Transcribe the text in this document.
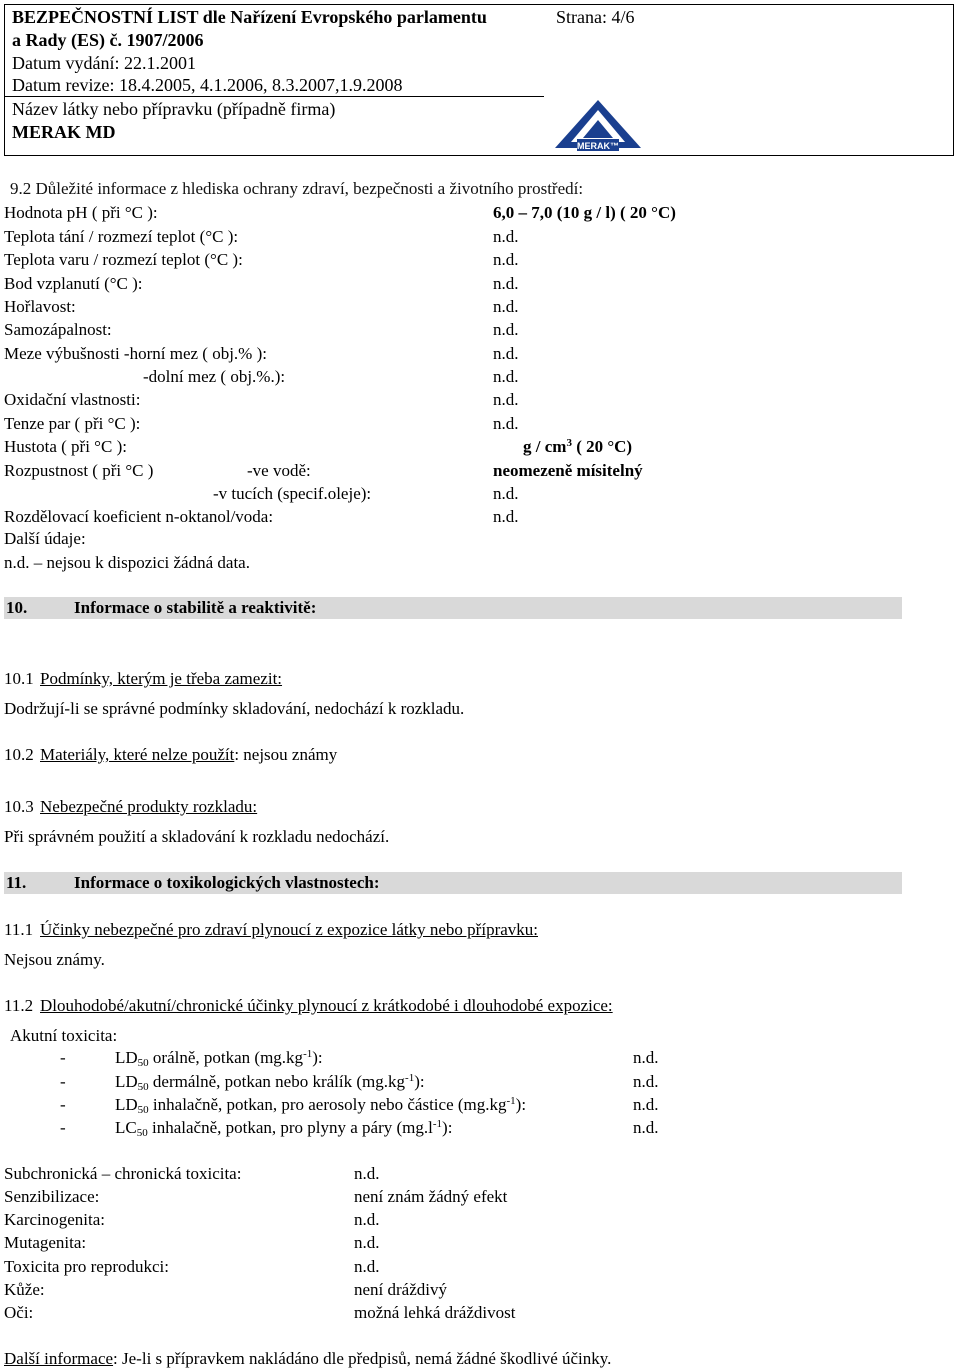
BEZPEČNOSTNÍ LIST dle Nařízení Evropského parlamentu	Strana: 4/6
a Rady (ES) č. 1907/2006
Datum vydání: 22.1.2001
Datum revize: 18.4.2005, 4.1.2006, 8.3.2007,1.9.2008
Název látky nebo přípravku (případně firma)
MERAK MD
MERAK™
9.2 Důležité informace z hlediska ochrany zdraví, bezpečnosti a životního prostředí:
Hodnota pH ( při °C ):	6,0 – 7,0 (10 g / l) ( 20 °C)
Teplota tání / rozmezí teplot (°C ):	n.d.
Teplota varu / rozmezí teplot (°C ):	n.d.
Bod vzplanutí (°C ):	n.d.
Hořlavost:	n.d.
Samozápalnost:	n.d.
Meze výbušnosti -horní mez ( obj.% ):	n.d.
-dolní mez ( obj.%.):	n.d.
Oxidační vlastnosti:	n.d.
Tenze par ( při °C ):	n.d.
Hustota ( při °C ):	g / $cm^3$ ( 20 °C)
Rozpustnost ( při °C )	-ve vodě:	neomezeně mísitelný
-v tucích (specif.oleje):	n.d.
Rozdělovací koeficient n-oktanol/voda:	n.d.
Další údaje:
n.d. – nejsou k dispozici žádná data.
10.	Informace o stabilitě a reaktivitě:
10.1 Podmínky, kterým je třeba zamezit:
Dodržují-li se správné podmínky skladování, nedochází k rozkladu.
10.2 Materiály, které nelze použít: nejsou známy
10.3 Nebezpečné produkty rozkladu:
Při správném použití a skladování k rozkladu nedochází.
11.	Informace o toxikologických vlastnostech:
11.1 Účinky nebezpečné pro zdraví plynoucí z expozice látky nebo přípravku:
Nejsou známy.
11.2 Dlouhodobé/akutní/chronické účinky plynoucí z krátkodobé i dlouhodobé expozice:
Akutní toxicita:
-	$LD_{50}$ orálně, potkan $(mg.kg^{-1})$:	n.d.
-	$LD_{50}$ dermálně, potkan nebo králík $(mg.kg^{-1})$:	n.d.
-	$LD_{50}$ inhalačně, potkan, pro aerosoly nebo částice $(mg.kg^{-1})$:	n.d.
-	$LC_{50}$ inhalačně, potkan, pro plyny a páry $(mg.l^{-1})$:	n.d.
Subchronická – chronická toxicita:	n.d.
Senzibilizace:	není znám žádný efekt
Karcinogenita:	n.d.
Mutagenita:	n.d.
Toxicita pro reprodukci:	n.d.
Kůže:	není dráždivý
Oči:	možná lehká dráždivost
Další informace: Je-li s přípravkem nakládáno dle předpisů, nemá žádné škodlivé účinky.
